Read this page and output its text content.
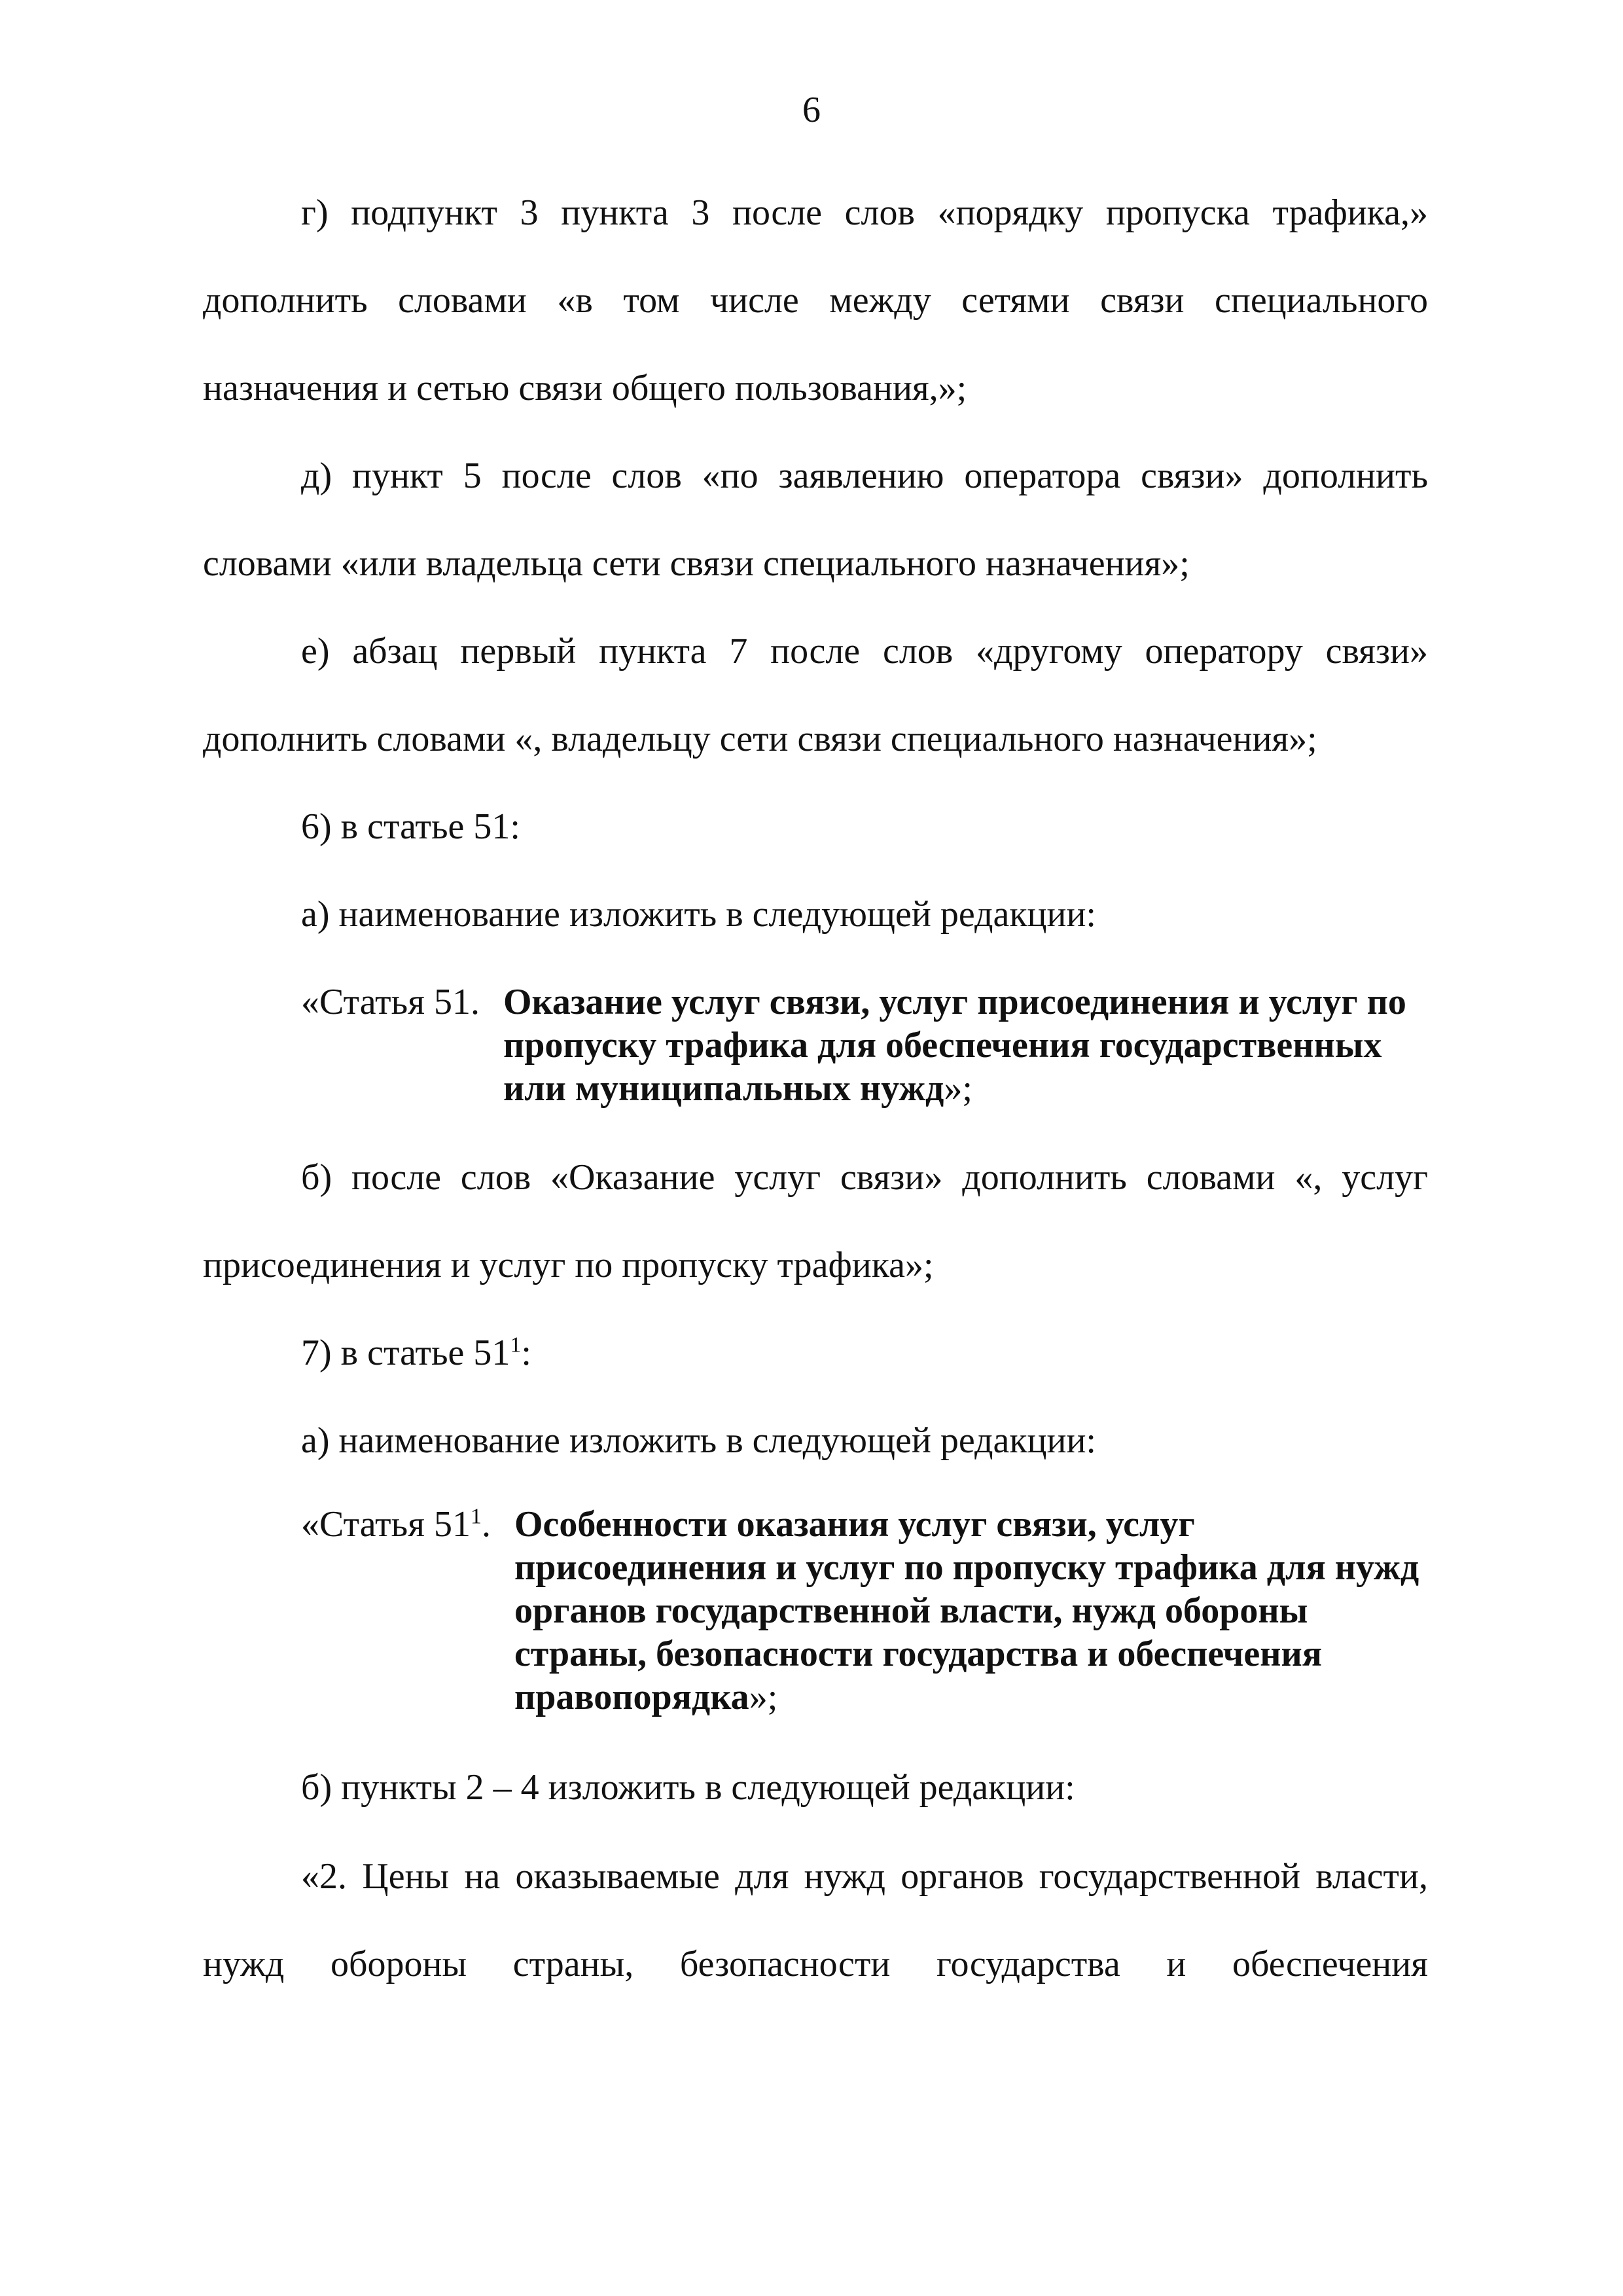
6

г) подпункт 3 пункта 3 после слов «порядку пропуска трафика,» дополнить словами «в том числе между сетями связи специального назначения и сетью связи общего пользования,»;

д) пункт 5 после слов «по заявлению оператора связи» дополнить словами «или владельца сети связи специального назначения»;

е) абзац первый пункта 7 после слов «другому оператору связи» дополнить словами «, владельцу сети связи специального назначения»;

6) в статье 51:

а) наименование изложить в следующей редакции:

«Статья 51. Оказание услуг связи, услуг присоединения и услуг по пропуску трафика для обеспечения государственных или муниципальных нужд»;

б) после слов «Оказание услуг связи» дополнить словами «, услуг присоединения и услуг по пропуску трафика»;

7) в статье $51^1$:

а) наименование изложить в следующей редакции:

«Статья $51^1$. Особенности оказания услуг связи, услуг присоединения и услуг по пропуску трафика для нужд органов государственной власти, нужд обороны страны, безопасности государства и обеспечения правопорядка»;

б) пункты 2 – 4 изложить в следующей редакции:

«2. Цены на оказываемые для нужд органов государственной власти,

нужд обороны страны, безопасности государства и обеспечения
